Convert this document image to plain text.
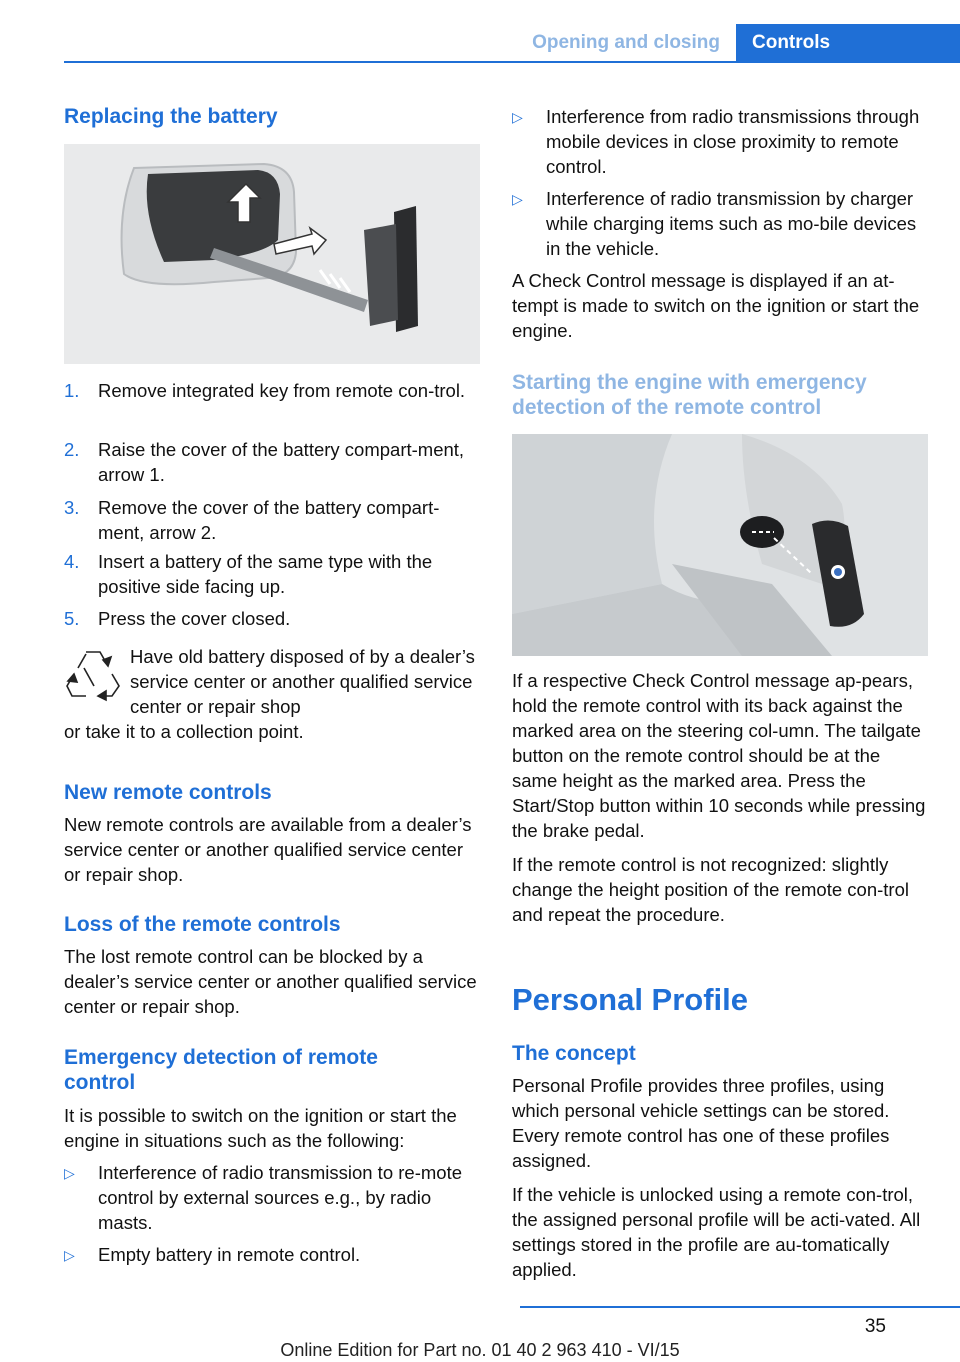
Opening and closing	Controls
Replacing the battery
1.	Remove integrated key from remote con‐trol.
2.	Raise the cover of the battery compart‐ment, arrow 1.
3.	Remove the cover of the battery compart‐ment, arrow 2.
4.	Insert a battery of the same type with the positive side facing up.
5.	Press the cover closed.
Have old battery disposed of by a dealer’s service center or another qualified service center or repair shop
or take it to a collection point.
New remote controls
New remote controls are available from a dealer’s service center or another qualified service center or repair shop.
Loss of the remote controls
The lost remote control can be blocked by a dealer’s service center or another qualified service center or repair shop.
Emergency detection of remote control
It is possible to switch on the ignition or start the engine in situations such as the following:
▷	Interference of radio transmission to re‐mote control by external sources e.g., by radio masts.
▷	Empty battery in remote control.
▷	Interference from radio transmissions through mobile devices in close proximity to remote control.
▷	Interference of radio transmission by charger while charging items such as mo‐bile devices in the vehicle.
A Check Control message is displayed if an at‐tempt is made to switch on the ignition or start the engine.
Starting the engine with emergency detection of the remote control
If a respective Check Control message ap‐pears, hold the remote control with its back against the marked area on the steering col‐umn. The tailgate button on the remote control should be at the same height as the marked area. Press the Start/Stop button within 10 seconds while pressing the brake pedal.
If the remote control is not recognized: slightly change the height position of the remote con‐trol and repeat the procedure.
Personal Profile
The concept
Personal Profile provides three profiles, using which personal vehicle settings can be stored. Every remote control has one of these profiles assigned.
If the vehicle is unlocked using a remote con‐trol, the assigned personal profile will be acti‐vated. All settings stored in the profile are au‐tomatically applied.
35
Online Edition for Part no. 01 40 2 963 410 - VI/15
